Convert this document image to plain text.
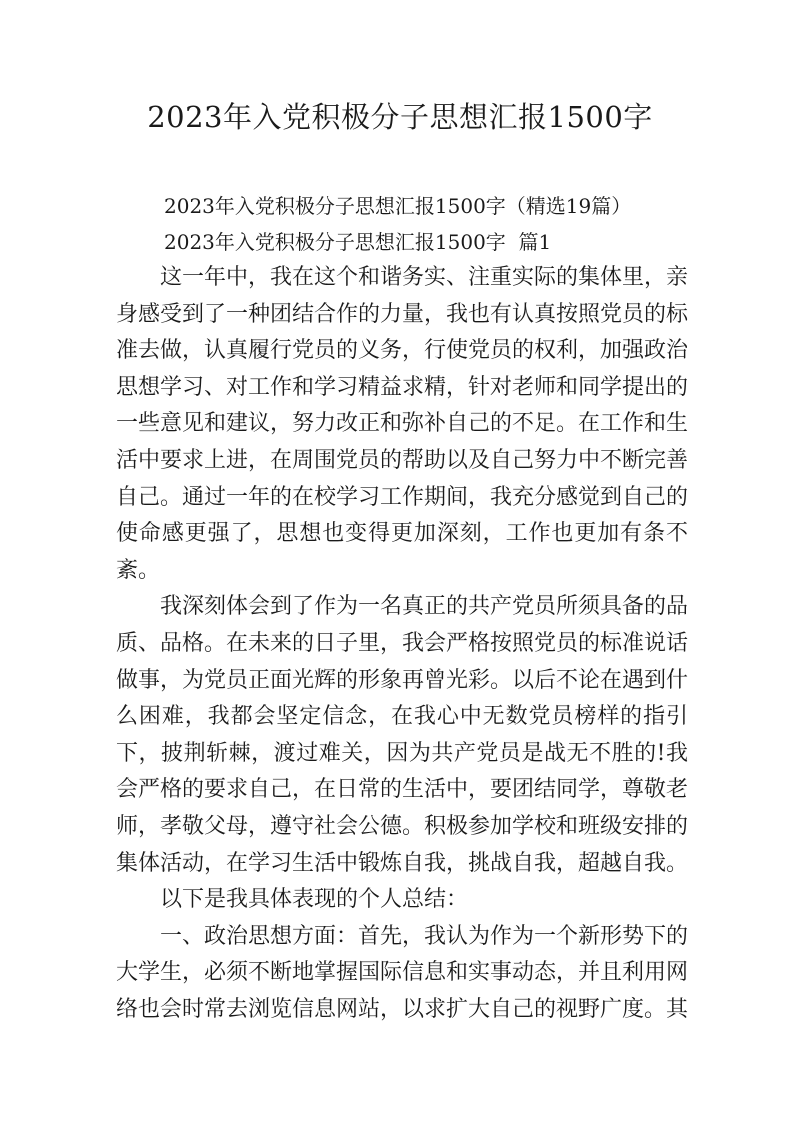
2023年入党积极分子思想汇报1500字

2023年入党积极分子思想汇报1500字（精选19篇）

2023年入党积极分子思想汇报1500字  篇1

这一年中，我在这个和谐务实、注重实际的集体里，亲身感受到了一种团结合作的力量，我也有认真按照党员的标准去做，认真履行党员的义务，行使党员的权利，加强政治思想学习、对工作和学习精益求精，针对老师和同学提出的一些意见和建议，努力改正和弥补自己的不足。在工作和生活中要求上进，在周围党员的帮助以及自己努力中不断完善自己。通过一年的在校学习工作期间，我充分感觉到自己的使命感更强了，思想也变得更加深刻，工作也更加有条不紊。

我深刻体会到了作为一名真正的共产党员所须具备的品质、品格。在未来的日子里，我会严格按照党员的标准说话做事，为党员正面光辉的形象再曾光彩。以后不论在遇到什么困难，我都会坚定信念，在我心中无数党员榜样的指引下，披荆斩棘，渡过难关，因为共产党员是战无不胜的!我会严格的要求自己，在日常的生活中，要团结同学，尊敬老师，孝敬父母，遵守社会公德。积极参加学校和班级安排的集体活动，在学习生活中锻炼自我，挑战自我，超越自我。

以下是我具体表现的个人总结：

一、政治思想方面：首先，我认为作为一个新形势下的大学生，必须不断地掌握国际信息和实事动态，并且利用网络也会时常去浏览信息网站，以求扩大自己的视野广度。其
